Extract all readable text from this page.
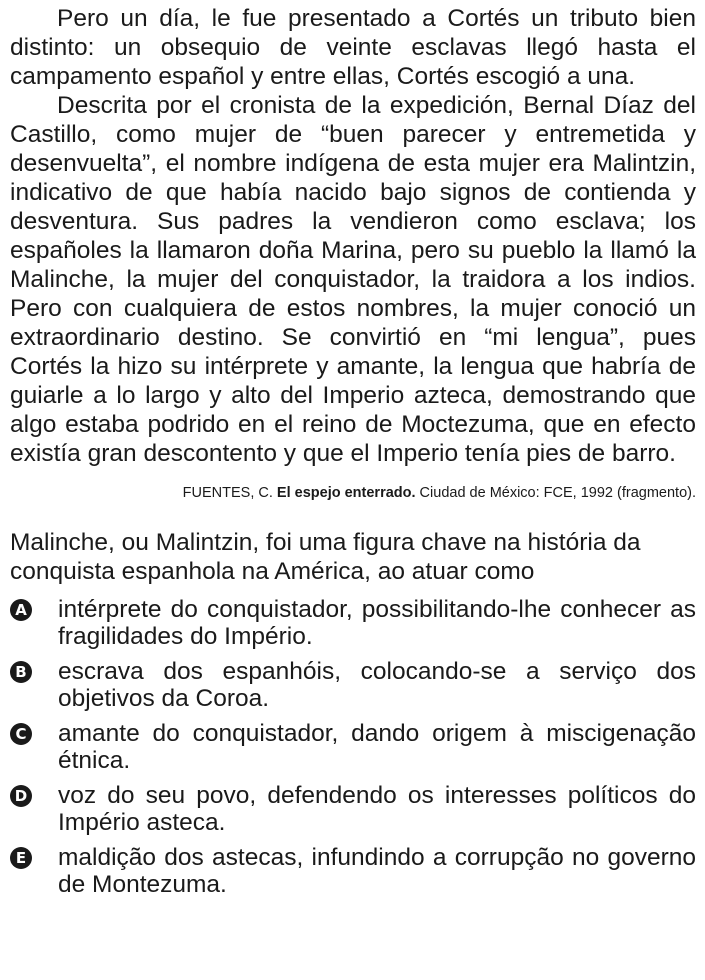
Pero un día, le fue presentado a Cortés un tributo bien distinto: un obsequio de veinte esclavas llegó hasta el campamento español y entre ellas, Cortés escogió a una.

Descrita por el cronista de la expedición, Bernal Díaz del Castillo, como mujer de “buen parecer y entremetida y desenvuelta”, el nombre indígena de esta mujer era Malintzin, indicativo de que había nacido bajo signos de contienda y desventura. Sus padres la vendieron como esclava; los españoles la llamaron doña Marina, pero su pueblo la llamó la Malinche, la mujer del conquistador, la traidora a los indios. Pero con cualquiera de estos nombres, la mujer conoció un extraordinario destino. Se convirtió en “mi lengua”, pues Cortés la hizo su intérprete y amante, la lengua que habría de guiarle a lo largo y alto del Imperio azteca, demostrando que algo estaba podrido en el reino de Moctezuma, que en efecto existía gran descontento y que el Imperio tenía pies de barro.

FUENTES, C. El espejo enterrado. Ciudad de México: FCE, 1992 (fragmento).

Malinche, ou Malintzin, foi uma figura chave na história da conquista espanhola na América, ao atuar como

A intérprete do conquistador, possibilitando-lhe conhecer as fragilidades do Império.
B escrava dos espanhóis, colocando-se a serviço dos objetivos da Coroa.
C amante do conquistador, dando origem à miscigenação étnica.
D voz do seu povo, defendendo os interesses políticos do Império asteca.
E maldição dos astecas, infundindo a corrupção no governo de Montezuma.
